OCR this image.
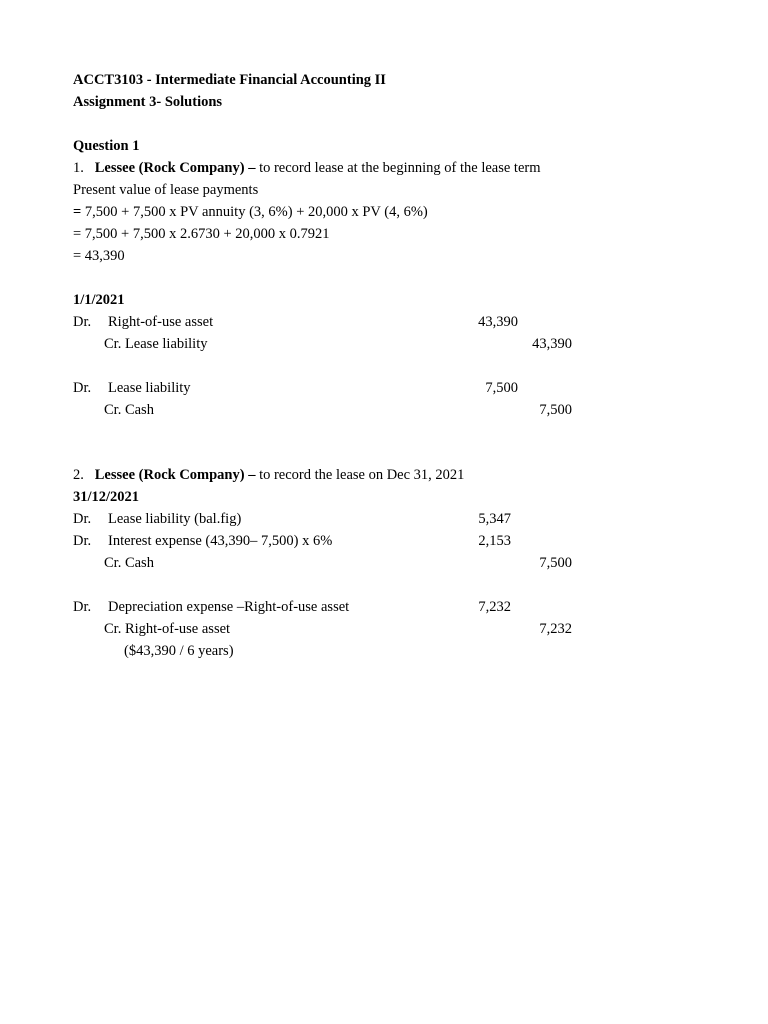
ACCT3103 - Intermediate Financial Accounting II
Assignment 3- Solutions
Question 1
1. Lessee (Rock Company) – to record lease at the beginning of the lease term
Present value of lease payments
= 7,500 + 7,500 x PV annuity (3, 6%) + 20,000 x PV (4, 6%)
= 7,500 + 7,500 x 2.6730 + 20,000 x 0.7921
= 43,390
1/1/2021
Dr. Right-of-use asset	43,390
Cr. Lease liability	43,390
Dr. Lease liability	7,500
Cr. Cash	7,500
2. Lessee (Rock Company) – to record the lease on Dec 31, 2021
31/12/2021
Dr. Lease liability (bal.fig)	5,347
Dr. Interest expense (43,390– 7,500) x 6%	2,153
Cr. Cash	7,500
Dr. Depreciation expense –Right-of-use asset	7,232
Cr. Right-of-use asset	7,232
($43,390 / 6 years)
